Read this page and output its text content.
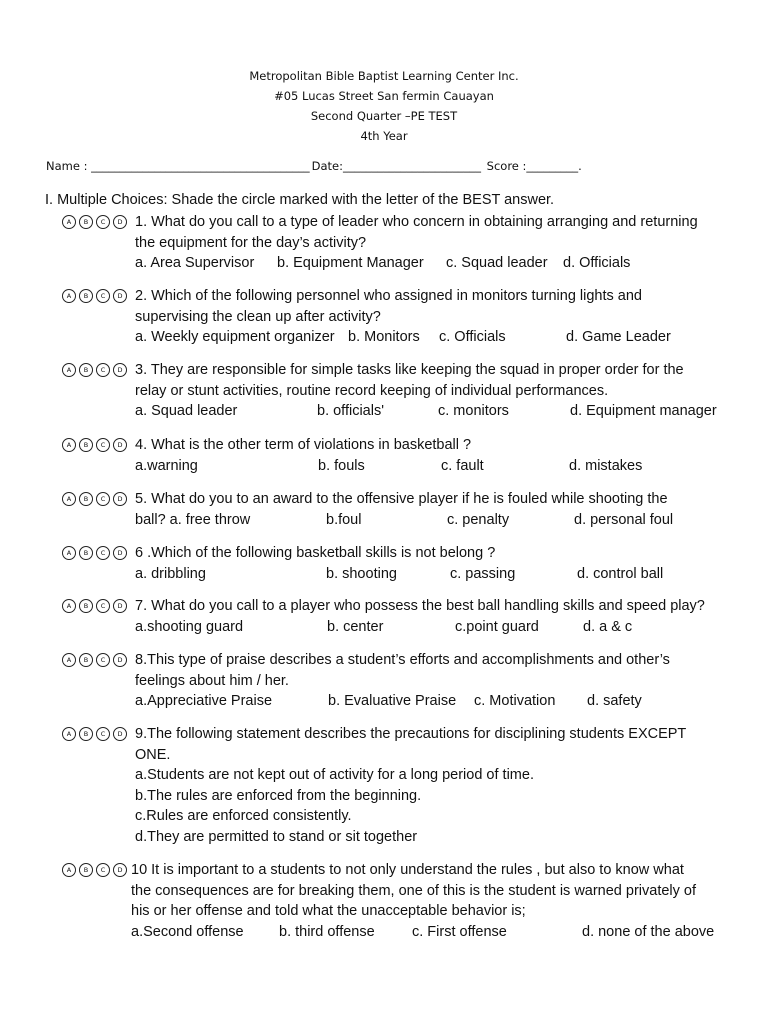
Metropolitan Bible Baptist Learning Center Inc.
#05 Lucas Street San fermin Cauayan
Second Quarter –PE TEST
4th Year
Name : ______________________________________ Date:________________________ Score :_________.
I. Multiple Choices: Shade the circle marked with the letter of the BEST answer.
A	B	C	D 1. What do you call to a type of leader who concern in obtaining arranging and returning
the equipment for the day’s activity?
a. Area Supervisor b. Equipment Manager c. Squad leader d. Officials
A	B	C	D 2. Which of the following personnel who assigned in monitors turning lights and
supervising the clean up after activity?
a. Weekly equipment organizer b. Monitors c. Officials	d. Game Leader
A	B	C	D 3. They are responsible for simple tasks like keeping the squad in proper order for the
relay or stunt activities, routine record keeping of individual performances.
a. Squad leader	b. officials'	c. monitors	d. Equipment manager
A	B	C	D 4. What is the other term of violations in basketball ?
a.warning	b. fouls	c. fault	d. mistakes
A	B	C	D 5. What do you to an award to the offensive player if he is fouled while shooting the
ball? a. free throw	b.foul	c. penalty	d. personal foul
A	B	C	D 6 .Which of the following basketball skills is not belong ?
a. dribbling	b. shooting	c. passing	d. control ball
A	B	C	D 7. What do you call to a player who possess the best ball handling skills and speed play?
a.shooting guard	b. center	c.point guard	d. a & c
A	B	C	D 8.This type of praise describes a student’s efforts and accomplishments and other’s
feelings about him / her.
a.Appreciative Praise	b. Evaluative Praise c. Motivation d. safety
A	B	C	D 9.The following statement describes the precautions for disciplining students EXCEPT
ONE.
a.Students are not kept out of activity for a long period of time.
b.The rules are enforced from the beginning.
c.Rules are enforced consistently.
d.They are permitted to stand or sit together
A	B	C	D 10 It is important to a students to not only understand the rules , but also to know what
the consequences are for breaking them, one of this is the student is warned privately of
his or her offense and told what the unacceptable behavior is;
a.Second offense b. third offense	c. First offense	d. none of the above
